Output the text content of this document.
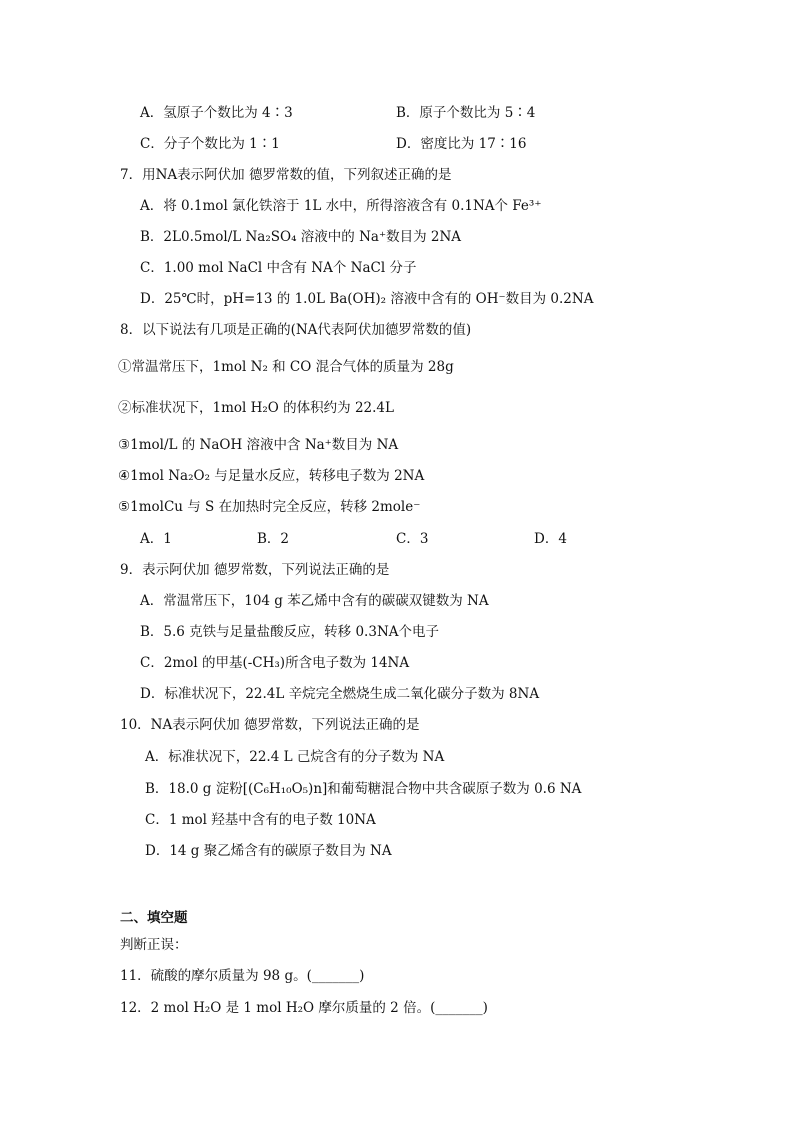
A．氢原子个数比为 4∶3	B．原子个数比为 5∶4
C．分子个数比为 1∶1	D．密度比为 17∶16
7．用NA表示阿伏加 德罗常数的值，下列叙述正确的是
A．将 0.1mol 氯化铁溶于 1L 水中，所得溶液含有 0.1NA个 Fe³⁺
B．2L0.5mol/L Na₂SO₄ 溶液中的 Na⁺数目为 2NA
C．1.00 mol NaCl 中含有 NA个 NaCl 分子
D．25℃时，pH=13 的 1.0L Ba(OH)₂ 溶液中含有的 OH⁻数目为 0.2NA
8．以下说法有几项是正确的(NA代表阿伏加德罗常数的值)
①常温常压下，1mol N₂ 和 CO 混合气体的质量为 28g
②标准状况下，1mol H₂O 的体积约为 22.4L
③1mol/L 的 NaOH 溶液中含 Na⁺数目为 NA
④1mol Na₂O₂ 与足量水反应，转移电子数为 2NA
⑤1molCu 与 S 在加热时完全反应，转移 2mole⁻
A．1	B．2	C．3	D．4
9．表示阿伏加 德罗常数，下列说法正确的是
A．常温常压下，104 g 苯乙烯中含有的碳碳双键数为 NA
B．5.6 克铁与足量盐酸反应，转移 0.3NA个电子
C．2mol 的甲基(-CH₃)所含电子数为 14NA
D．标准状况下，22.4L 辛烷完全燃烧生成二氧化碳分子数为 8NA
10．NA表示阿伏加 德罗常数，下列说法正确的是
A．标准状况下，22.4 L 己烷含有的分子数为 NA
B．18.0 g 淀粉[(C₆H₁₀O₅)n]和葡萄糖混合物中共含碳原子数为 0.6 NA
C．1 mol 羟基中含有的电子数 10NA
D．14 g 聚乙烯含有的碳原子数目为 NA
二、填空题
判断正误：
11．硫酸的摩尔质量为 98 g。(_______)
12．2 mol H₂O 是 1 mol H₂O 摩尔质量的 2 倍。(_______)
